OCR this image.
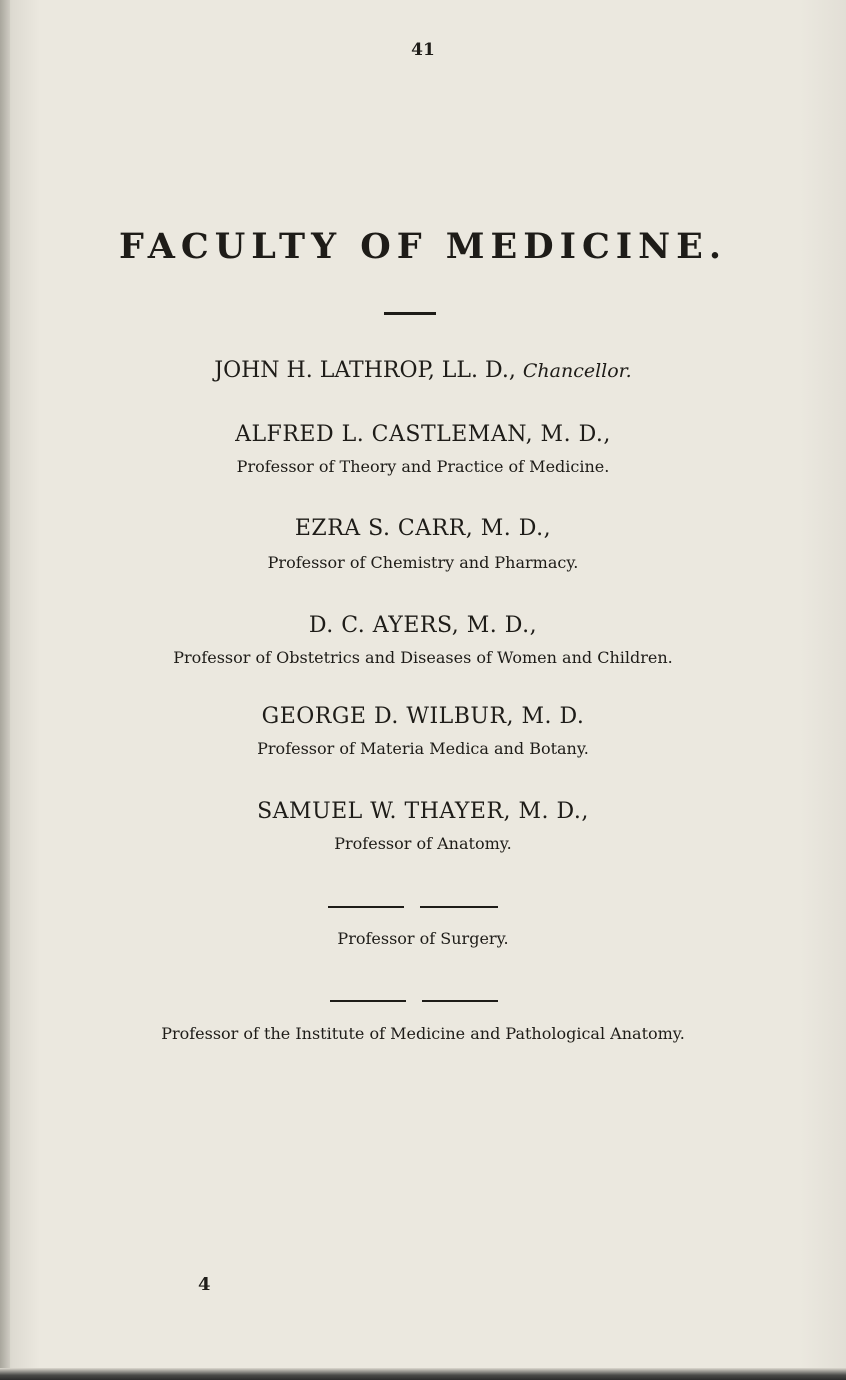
41
FACULTY OF MEDICINE.
JOHN H. LATHROP, LL. D., Chancellor.
ALFRED L. CASTLEMAN, M. D.,
Professor of Theory and Practice of Medicine.
EZRA S. CARR, M. D.,
Professor of Chemistry and Pharmacy.
D. C. AYERS, M. D.,
Professor of Obstetrics and Diseases of Women and Children.
GEORGE D. WILBUR, M. D.
Professor of Materia Medica and Botany.
SAMUEL W. THAYER, M. D.,
Professor of Anatomy.
Professor of Surgery.
Professor of the Institute of Medicine and Pathological Anatomy.
4
